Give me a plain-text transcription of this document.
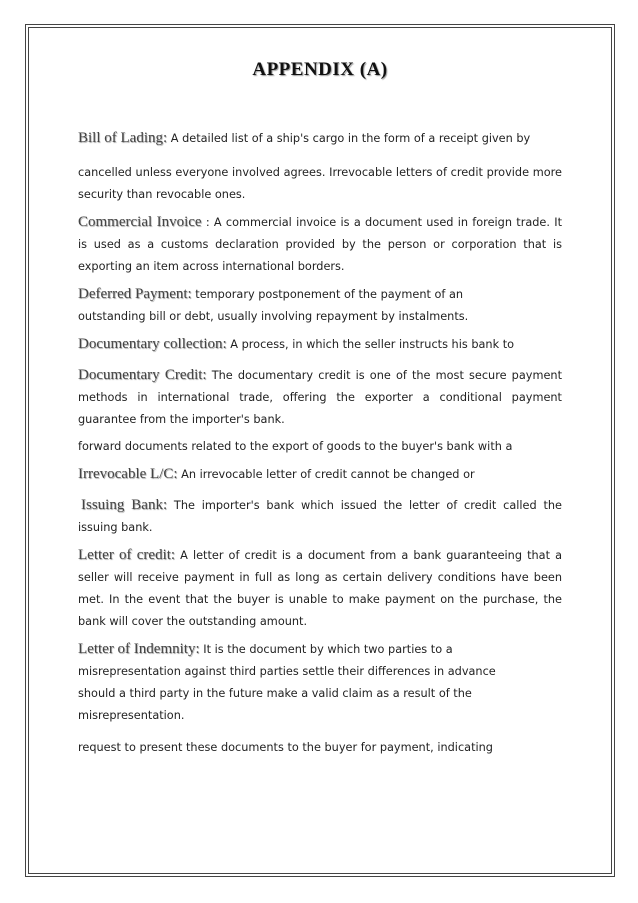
APPENDIX (A)

Bill of Lading: A detailed list of a ship's cargo in the form of a receipt given by

cancelled unless everyone involved agrees. Irrevocable letters of credit provide more security than revocable ones.

Commercial Invoice : A commercial invoice is a document used in foreign trade. It is used as a customs declaration provided by the person or corporation that is exporting an item across international borders.

Deferred Payment: temporary postponement of the payment of an outstanding bill or debt, usually involving repayment by instalments.

Documentary collection: A process, in which the seller instructs his bank to

Documentary Credit: The documentary credit is one of the most secure payment methods in international trade, offering the exporter a conditional payment guarantee from the importer's bank.

forward documents related to the export of goods to the buyer's bank with a

Irrevocable L/C: An irrevocable letter of credit cannot be changed or

Issuing Bank: The importer's bank which issued the letter of credit called the issuing bank.

Letter of credit: A letter of credit is a document from a bank guaranteeing that a seller will receive payment in full as long as certain delivery conditions have been met. In the event that the buyer is unable to make payment on the purchase, the bank will cover the outstanding amount.

Letter of Indemnity: It is the document by which two parties to a misrepresentation against third parties settle their differences in advance should a third party in the future make a valid claim as a result of the misrepresentation.

request to present these documents to the buyer for payment, indicating
